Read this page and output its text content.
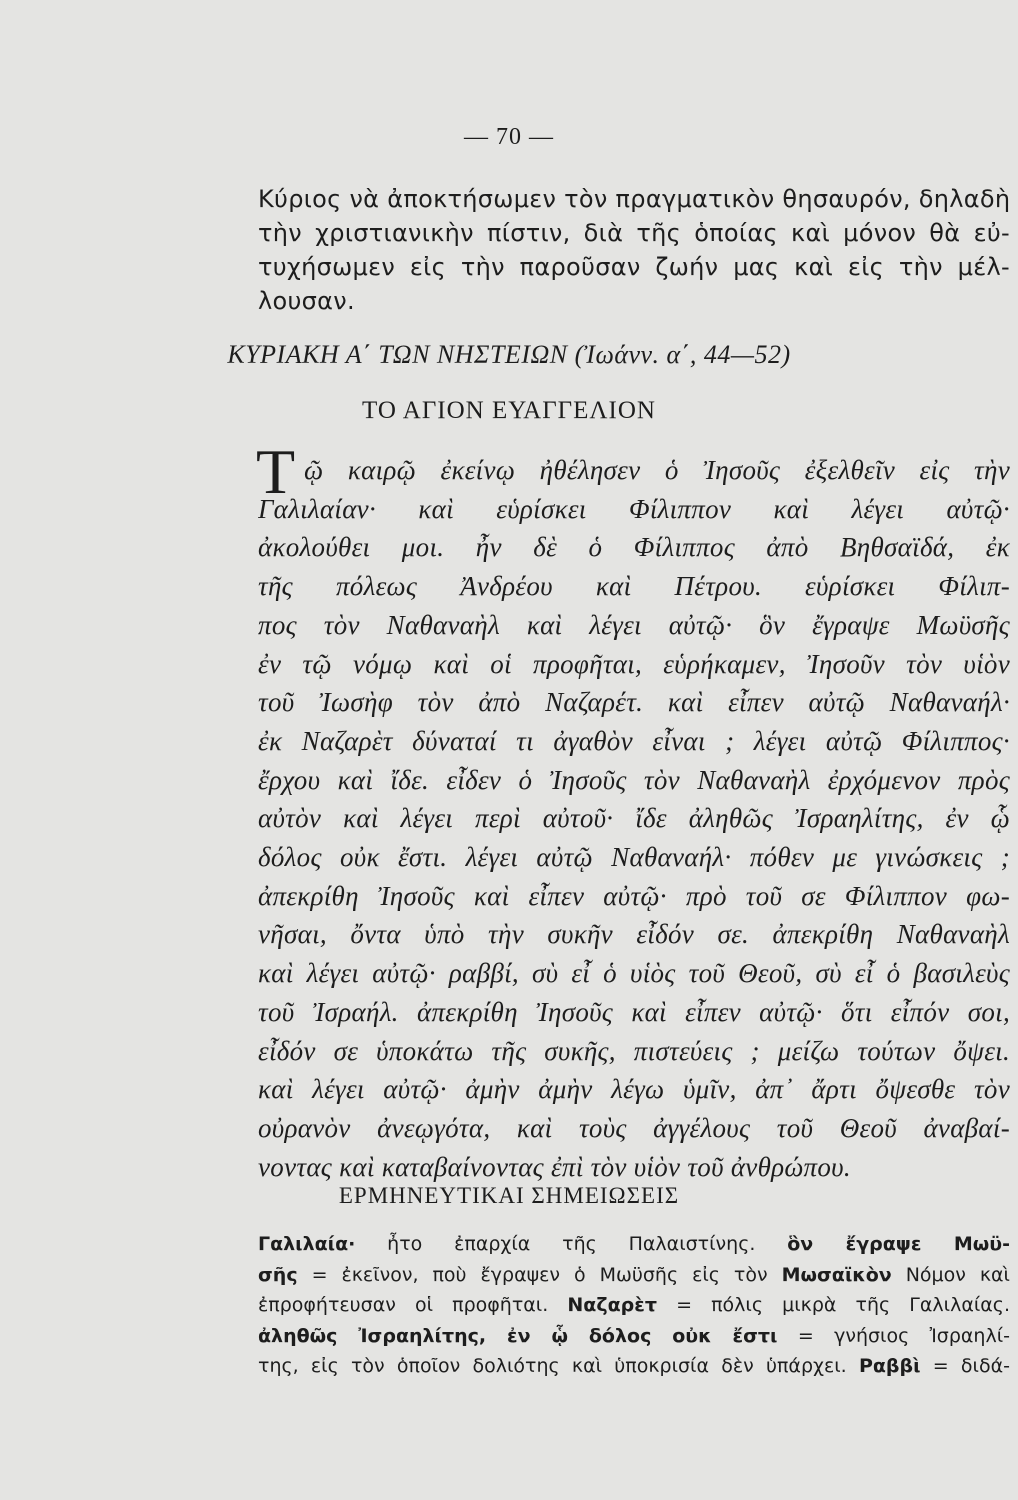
— 70 —
Κύριος νὰ ἀποκτήσωμεν τὸν πραγματικὸν θησαυρόν, δηλαδὴ
τὴν χριστιανικὴν πίστιν, διὰ τῆς ὁποίας καὶ μόνον θὰ εὐ-
τυχήσωμεν εἰς τὴν παροῦσαν ζωήν μας καὶ εἰς τὴν μέλ-
λουσαν.
ΚΥΡΙΑΚΗ Α΄ ΤΩΝ ΝΗΣΤΕΙΩΝ (Ἰωάνν. α΄, 44—52)
ΤΟ ΑΓΙΟΝ ΕΥΑΓΓΕΛΙΟΝ
Τ ῷ καιρῷ ἐκείνῳ ἠθέλησεν ὁ Ἰησοῦς ἐξελθεῖν εἰς τὴν
Γαλιλαίαν· καὶ εὑρίσκει Φίλιππον καὶ λέγει αὐτῷ·
ἀκολούθει μοι. ἦν δὲ ὁ Φίλιππος ἀπὸ Βηθσαϊδά, ἐκ
τῆς πόλεως Ἀνδρέου καὶ Πέτρου. εὑρίσκει Φίλιπ-
πος τὸν Ναθαναὴλ καὶ λέγει αὐτῷ· ὃν ἔγραψε Μωϋσῆς
ἐν τῷ νόμῳ καὶ οἱ προφῆται, εὑρήκαμεν, Ἰησοῦν τὸν υἱὸν
τοῦ Ἰωσὴφ τὸν ἀπὸ Ναζαρέτ. καὶ εἶπεν αὐτῷ Ναθαναήλ·
ἐκ Ναζαρὲτ δύναταί τι ἀγαθὸν εἶναι ; λέγει αὐτῷ Φίλιππος·
ἔρχου καὶ ἴδε. εἶδεν ὁ Ἰησοῦς τὸν Ναθαναὴλ ἐρχόμενον πρὸς
αὐτὸν καὶ λέγει περὶ αὐτοῦ· ἴδε ἀληθῶς Ἰσραηλίτης, ἐν ᾧ
δόλος οὐκ ἔστι. λέγει αὐτῷ Ναθαναήλ· πόθεν με γινώσκεις ;
ἀπεκρίθη Ἰησοῦς καὶ εἶπεν αὐτῷ· πρὸ τοῦ σε Φίλιππον φω-
νῆσαι, ὄντα ὑπὸ τὴν συκῆν εἶδόν σε. ἀπεκρίθη Ναθαναὴλ
καὶ λέγει αὐτῷ· ραββί, σὺ εἶ ὁ υἱὸς τοῦ Θεοῦ, σὺ εἶ ὁ βασιλεὺς
τοῦ Ἰσραήλ. ἀπεκρίθη Ἰησοῦς καὶ εἶπεν αὐτῷ· ὅτι εἶπόν σοι,
εἶδόν σε ὑποκάτω τῆς συκῆς, πιστεύεις ; μείζω τούτων ὄψει.
καὶ λέγει αὐτῷ· ἀμὴν ἀμὴν λέγω ὑμῖν, ἀπ᾽ ἄρτι ὄψεσθε τὸν
οὐρανὸν ἀνεῳγότα, καὶ τοὺς ἀγγέλους τοῦ Θεοῦ ἀναβαί-
νοντας καὶ καταβαίνοντας ἐπὶ τὸν υἱὸν τοῦ ἀνθρώπου.
ΕΡΜΗΝΕΥΤΙΚΑΙ ΣΗΜΕΙΩΣΕΙΣ
Γαλιλαία· ἦτο ἐπαρχία τῆς Παλαιστίνης. ὃν ἔγραψε Μωϋ-
σῆς = ἐκεῖνον, ποὺ ἔγραψεν ὁ Μωϋσῆς εἰς τὸν Μωσαϊκὸν Νόμον καὶ
ἐπροφήτευσαν οἱ προφῆται. Ναζαρὲτ = πόλις μικρὰ τῆς Γαλιλαίας.
ἀληθῶς Ἰσραηλίτης, ἐν ᾧ δόλος οὐκ ἔστι = γνήσιος Ἰσραηλί-
της, εἰς τὸν ὁποῖον δολιότης καὶ ὑποκρισία δὲν ὑπάρχει. Ραββὶ = διδά-
